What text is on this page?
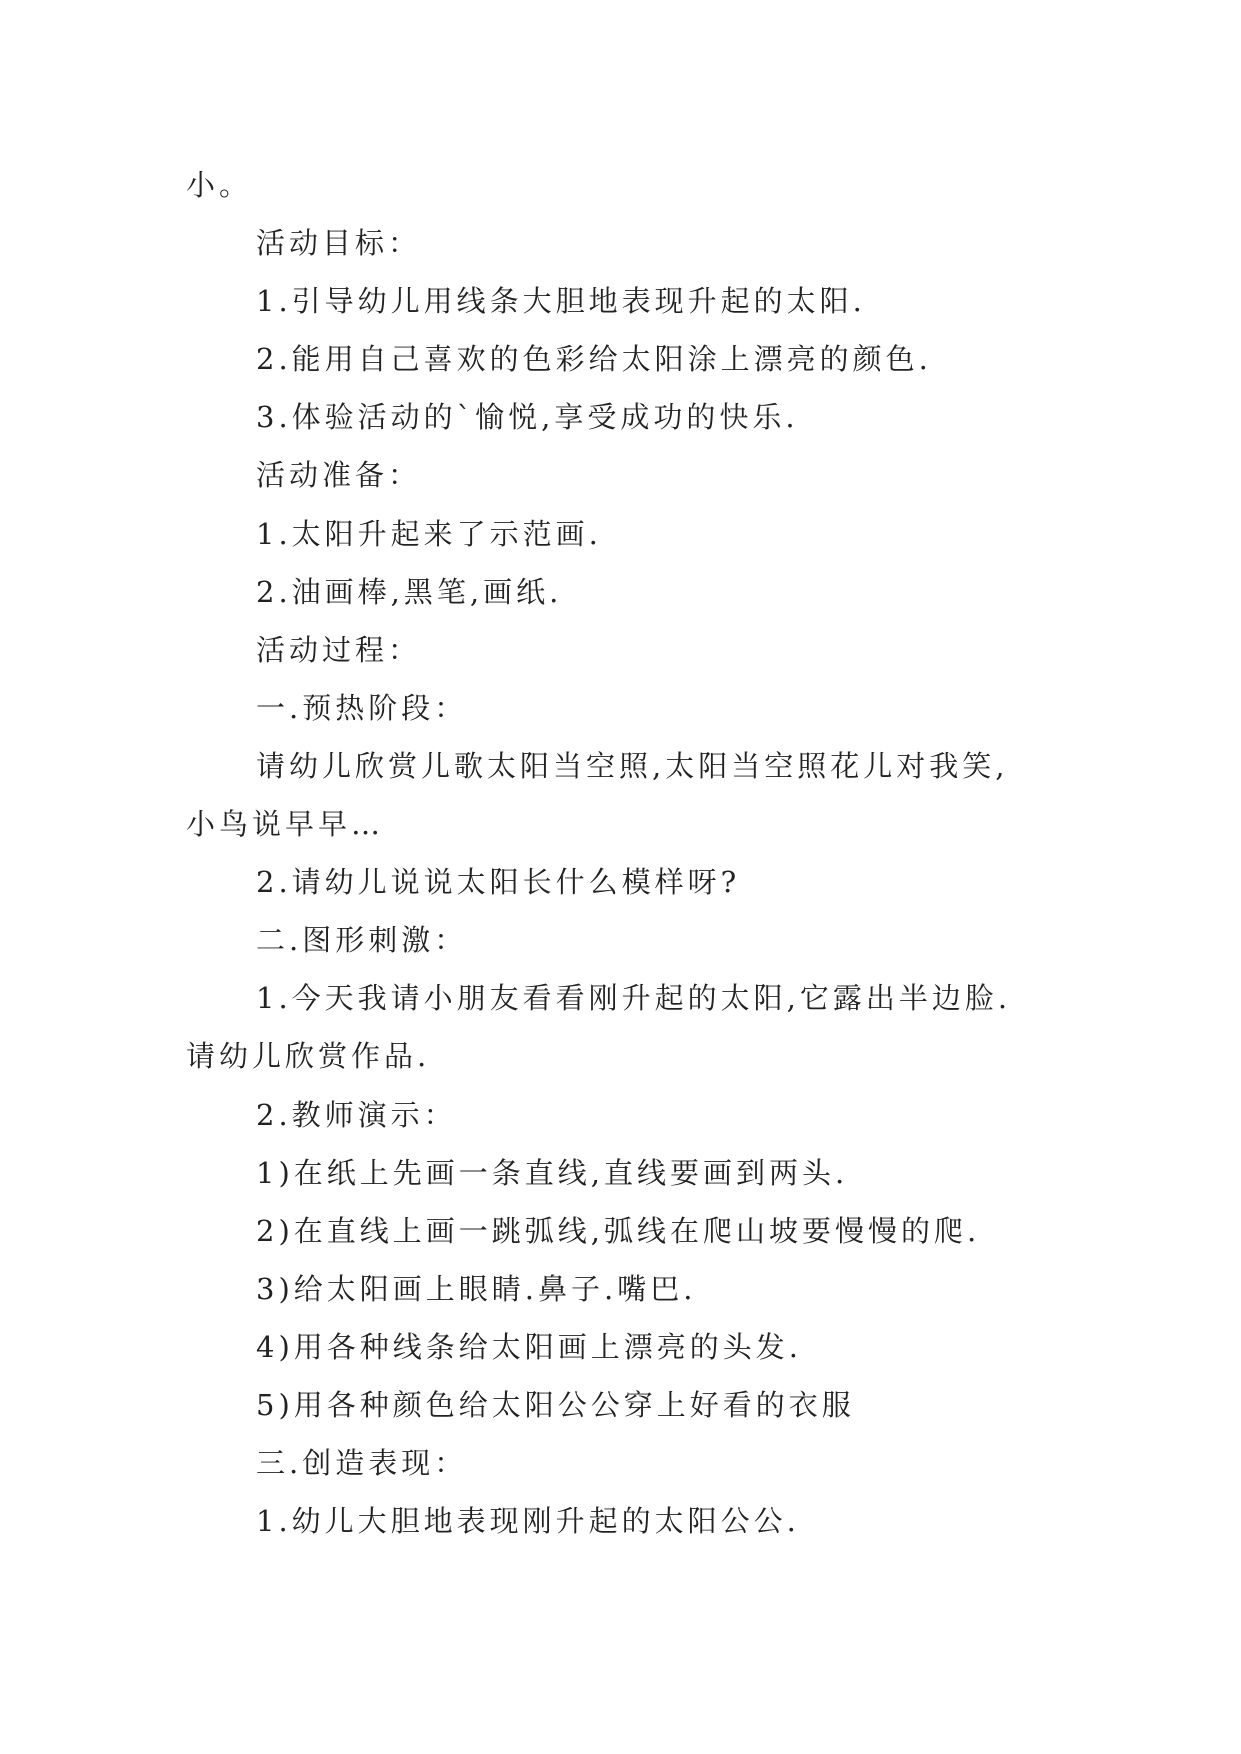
小。
活动目标：
1.引导幼儿用线条大胆地表现升起的太阳.
2.能用自己喜欢的色彩给太阳涂上漂亮的颜色.
3.体验活动的`愉悦,享受成功的快乐.
活动准备：
1.太阳升起来了示范画.
2.油画棒,黑笔,画纸.
活动过程：
一.预热阶段：
请幼儿欣赏儿歌太阳当空照,太阳当空照花儿对我笑,
小鸟说早早…
2.请幼儿说说太阳长什么模样呀?
二.图形刺激：
1.今天我请小朋友看看刚升起的太阳,它露出半边脸.
请幼儿欣赏作品.
2.教师演示：
1)在纸上先画一条直线,直线要画到两头.
2)在直线上画一跳弧线,弧线在爬山坡要慢慢的爬.
3)给太阳画上眼睛.鼻子.嘴巴.
4)用各种线条给太阳画上漂亮的头发.
5)用各种颜色给太阳公公穿上好看的衣服
三.创造表现：
1.幼儿大胆地表现刚升起的太阳公公.
